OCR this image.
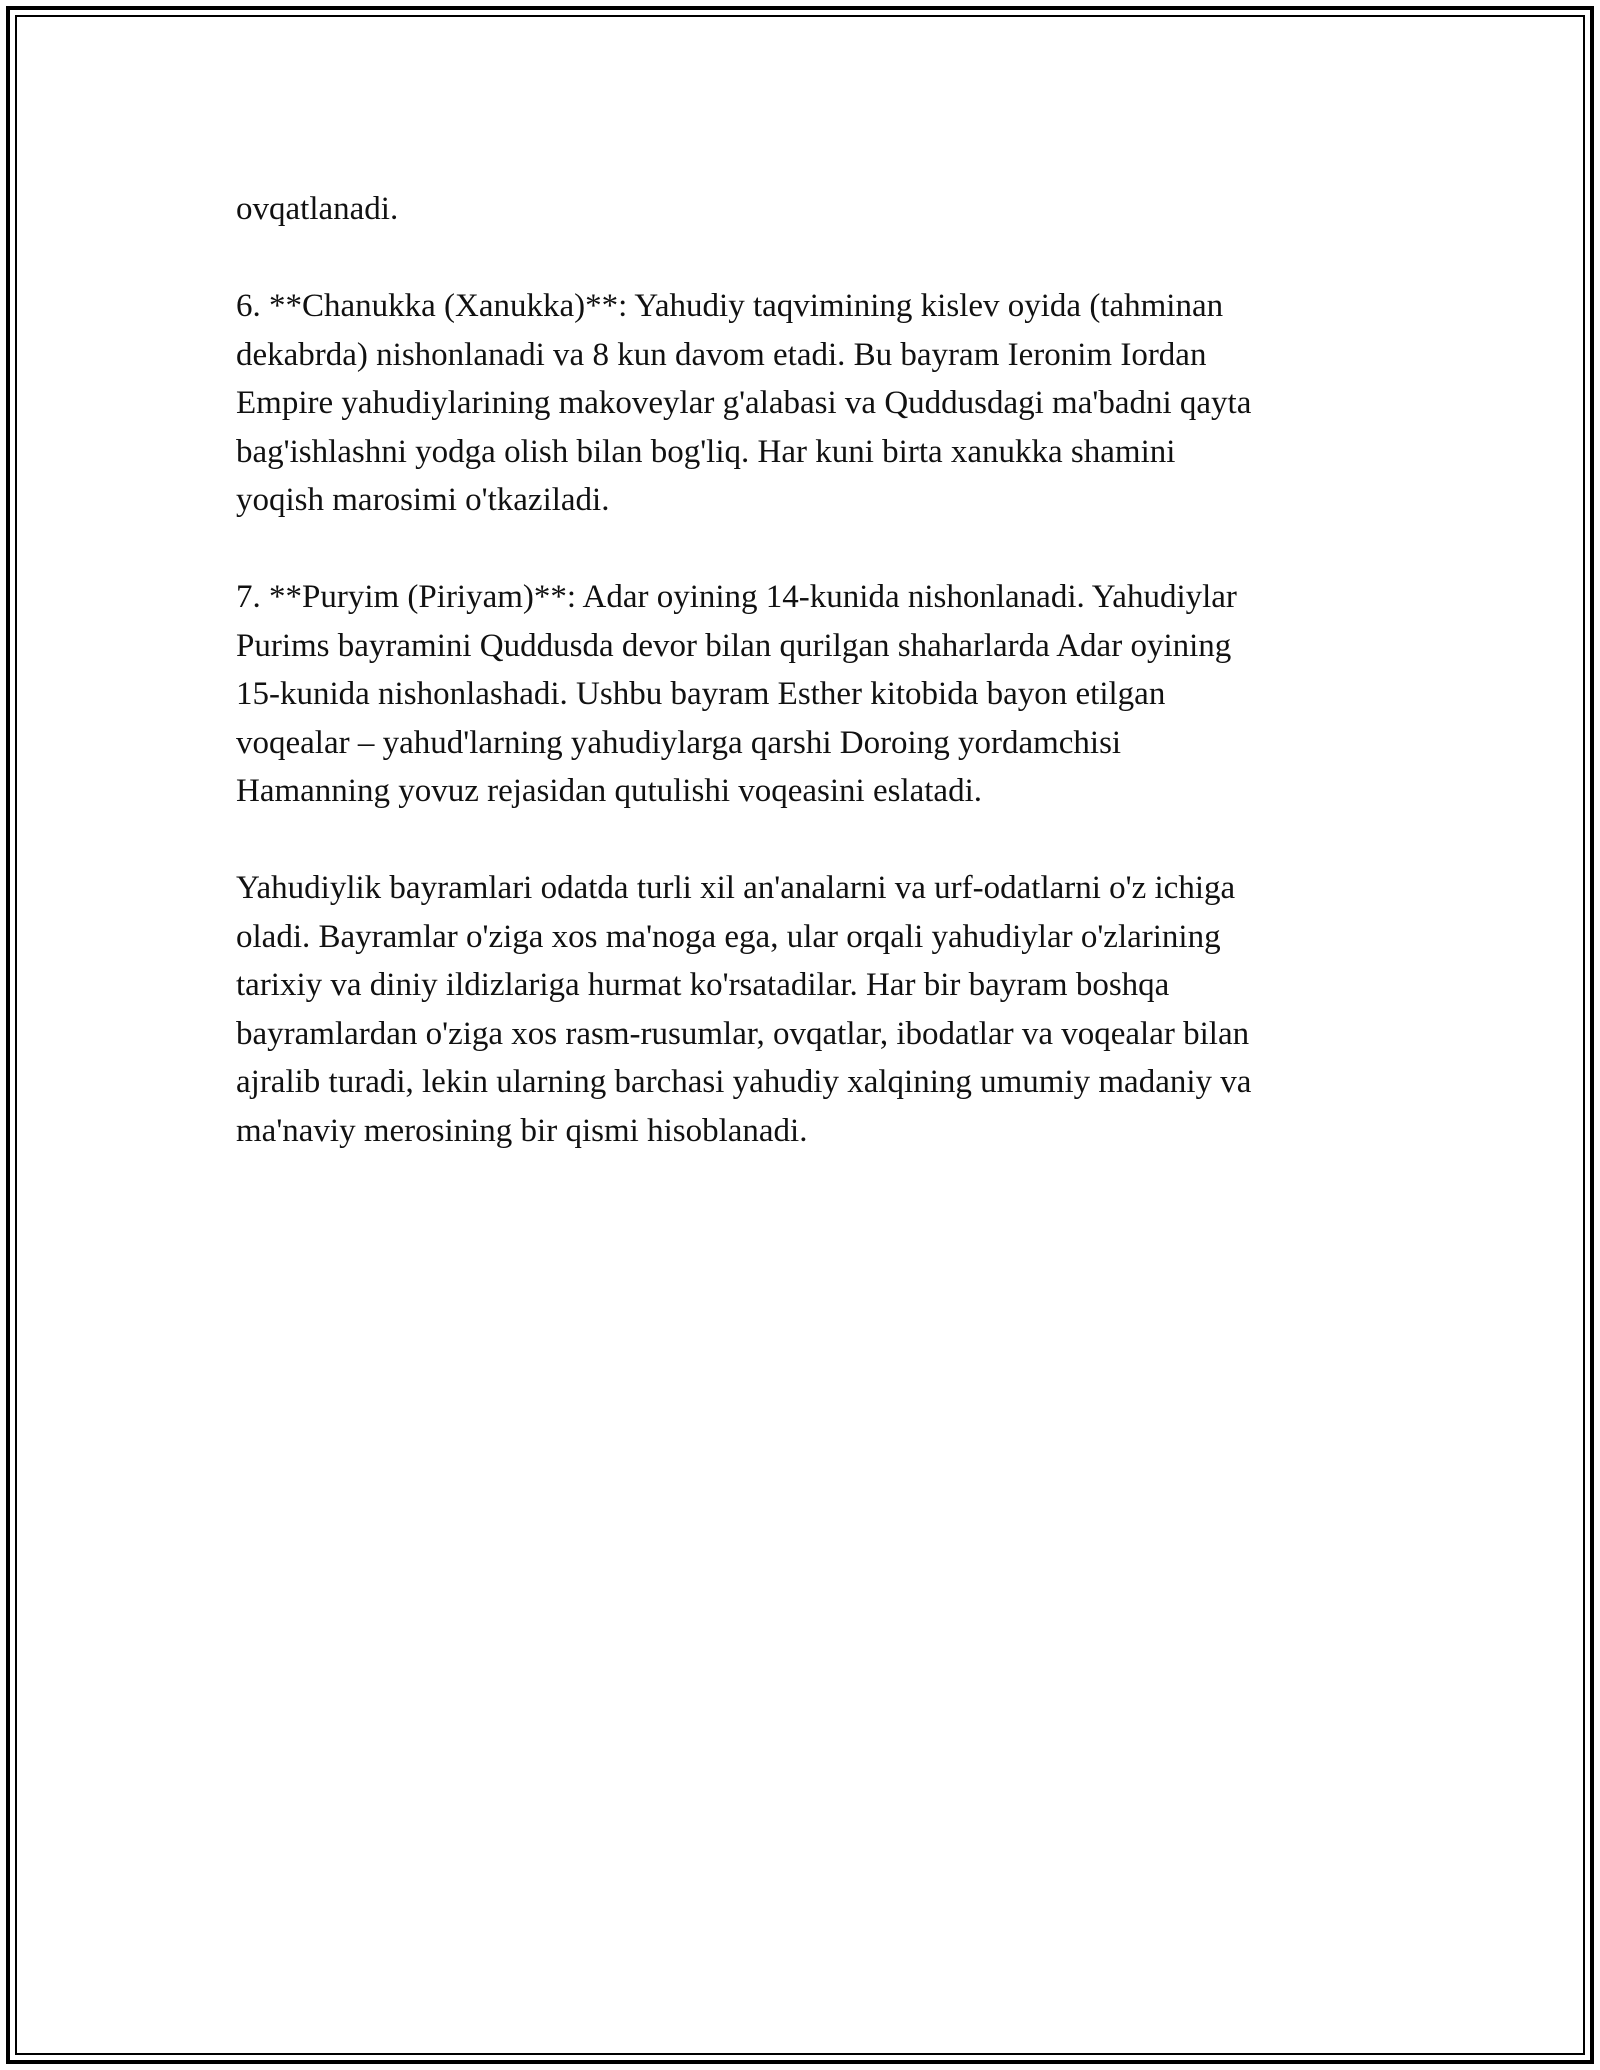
ovqatlanadi.

6. **Chanukka (Xanukka)**: Yahudiy taqvimining kislev oyida (tahminan
dekabrda) nishonlanadi va 8 kun davom etadi. Bu bayram Ieronim Iordan
Empire yahudiylarining makoveylar g'alabasi va Quddusdagi ma'badni qayta
bag'ishlashni yodga olish bilan bog'liq. Har kuni birta xanukka shamini
yoqish marosimi o'tkaziladi.

7. **Puryim (Piriyam)**: Adar oyining 14-kunida nishonlanadi. Yahudiylar
Purims bayramini Quddusda devor bilan qurilgan shaharlarda Adar oyining
15-kunida nishonlashadi. Ushbu bayram Esther kitobida bayon etilgan
voqealar – yahud'larning yahudiylarga qarshi Doroing yordamchisi
Hamanning yovuz rejasidan qutulishi voqeasini eslatadi.

Yahudiylik bayramlari odatda turli xil an'analarni va urf-odatlarni o'z ichiga
oladi. Bayramlar o'ziga xos ma'noga ega, ular orqali yahudiylar o'zlarining
tarixiy va diniy ildizlariga hurmat ko'rsatadilar. Har bir bayram boshqa
bayramlardan o'ziga xos rasm-rusumlar, ovqatlar, ibodatlar va voqealar bilan
ajralib turadi, lekin ularning barchasi yahudiy xalqining umumiy madaniy va
ma'naviy merosining bir qismi hisoblanadi.
